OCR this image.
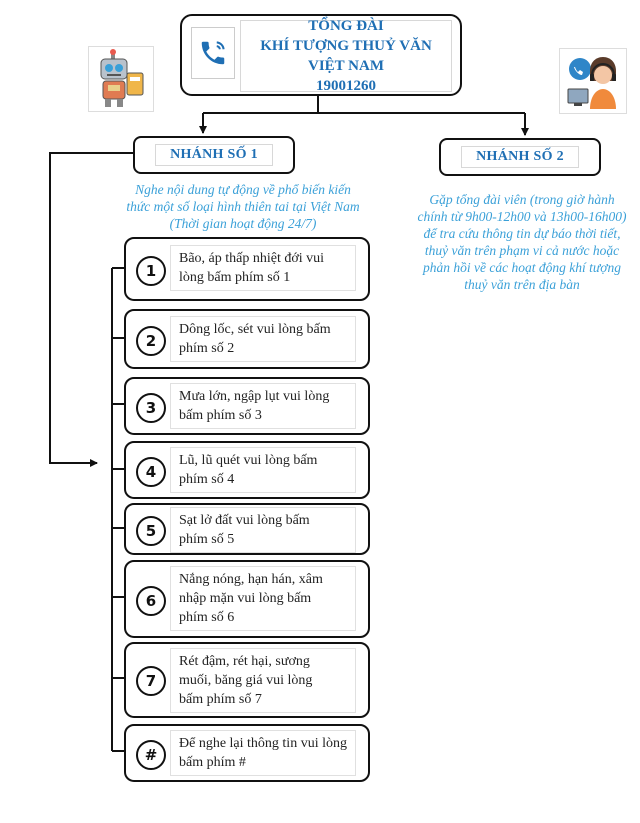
TỔNG ĐÀI
KHÍ TƯỢNG THUỶ VĂN VIỆT NAM
19001260
NHÁNH SỐ 1
Nghe nội dung tự động về phổ biến kiến
thức một số loại hình thiên tai tại Việt Nam
(Thời gian hoạt động 24/7)
NHÁNH SỐ 2
Gặp tổng đài viên (trong giờ hành
chính từ 9h00-12h00 và 13h00-16h00)
để tra cứu thông tin dự báo thời tiết,
thuỷ văn trên phạm vi cả nước hoặc
phản hồi về các hoạt động khí tượng
thuỷ văn trên địa bàn
1
Bão, áp thấp nhiệt đới vui
lòng bấm phím số 1
2
Dông lốc, sét vui lòng bấm
phím số 2
3
Mưa lớn, ngập lụt vui lòng
bấm phím số 3
4
Lũ, lũ quét vui lòng bấm
phím số 4
5
Sạt lở đất vui lòng bấm
phím số 5
6
Nắng nóng, hạn hán, xâm
nhập mặn vui lòng bấm
phím số 6
7
Rét đậm, rét hại, sương
muối, băng giá vui lòng
bấm phím số 7
#
Để nghe lại thông tin vui lòng
bấm phím #
